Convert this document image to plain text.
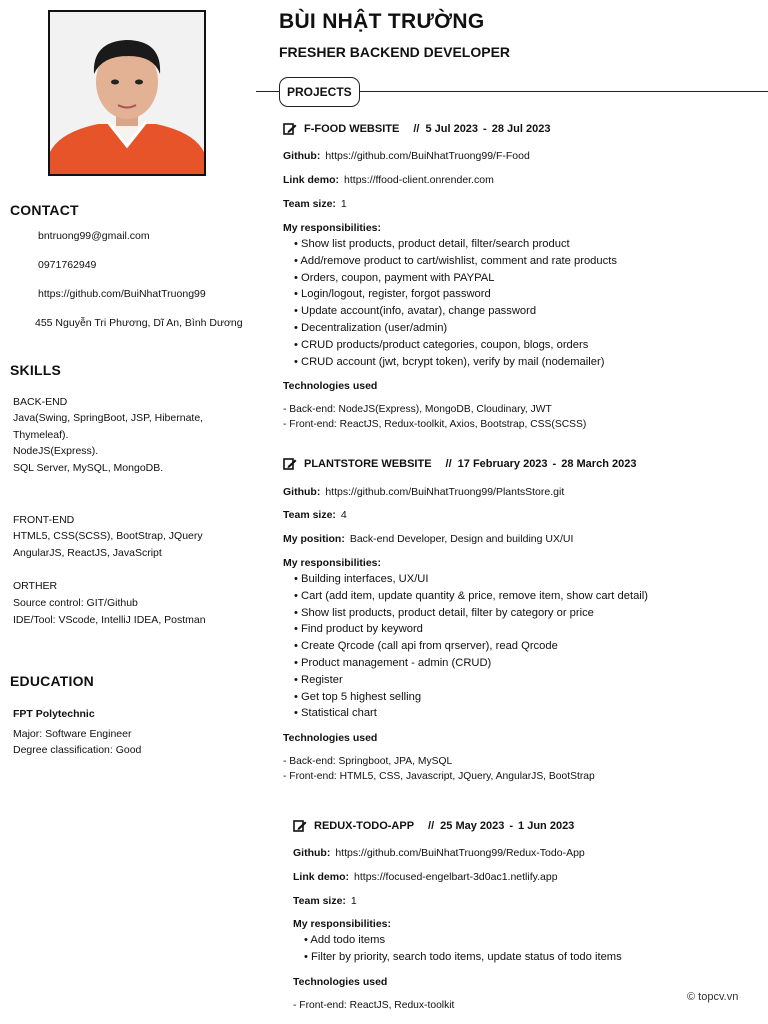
CONTACT
bntruong99@gmail.com
0971762949
https://github.com/BuiNhatTruong99
455 Nguyễn Tri Phương, Dĩ An, Bình Dương
SKILLS
BACK-END
Java(Swing, SpringBoot, JSP, Hibernate,
Thymeleaf).
NodeJS(Express).
SQL Server, MySQL, MongoDB.
FRONT-END
HTML5, CSS(SCSS), BootStrap, JQuery
AngularJS, ReactJS, JavaScript
ORTHER
Source control: GIT/Github
IDE/Tool: VScode, IntelliJ IDEA, Postman
EDUCATION
FPT Polytechnic
Major: Software Engineer
Degree classification: Good
BÙI NHẬT TRƯỜNG
FRESHER BACKEND DEVELOPER
PROJECTS
F-FOOD WEBSITE // 5 Jul 2023 - 28 Jul 2023
Github: https://github.com/BuiNhatTruong99/F-Food
Link demo: https://ffood-client.onrender.com
Team size: 1
My responsibilities:
• Show list products, product detail, filter/search product
• Add/remove product to cart/wishlist, comment and rate products
• Orders, coupon, payment with PAYPAL
• Login/logout, register, forgot password
• Update account(info, avatar), change password
• Decentralization (user/admin)
• CRUD products/product categories, coupon, blogs, orders
• CRUD account (jwt, bcrypt token), verify by mail (nodemailer)
Technologies used
- Back-end: NodeJS(Express), MongoDB, Cloudinary, JWT
- Front-end: ReactJS, Redux-toolkit, Axios, Bootstrap, CSS(SCSS)
PLANTSTORE WEBSITE // 17 February 2023 - 28 March 2023
Github: https://github.com/BuiNhatTruong99/PlantsStore.git
Team size: 4
My position: Back-end Developer, Design and building UX/UI
My responsibilities:
• Building interfaces, UX/UI
• Cart (add item, update quantity & price, remove item, show cart detail)
• Show list products, product detail, filter by category or price
• Find product by keyword
• Create Qrcode (call api from qrserver), read Qrcode
• Product management - admin (CRUD)
• Register
• Get top 5 highest selling
• Statistical chart
Technologies used
- Back-end: Springboot, JPA, MySQL
- Front-end: HTML5, CSS, Javascript, JQuery, AngularJS, BootStrap
REDUX-TODO-APP // 25 May 2023 - 1 Jun 2023
Github: https://github.com/BuiNhatTruong99/Redux-Todo-App
Link demo: https://focused-engelbart-3d0ac1.netlify.app
Team size: 1
My responsibilities:
• Add todo items
• Filter by priority, search todo items, update status of todo items
Technologies used
- Front-end: ReactJS, Redux-toolkit
© topcv.vn
